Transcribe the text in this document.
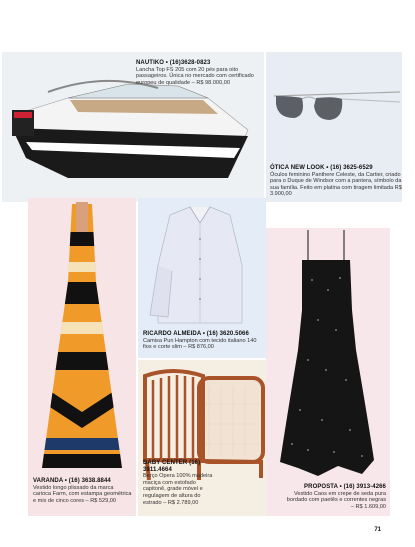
NAUTIKO • (16)3628-0823
Lancha Top FS 205 com 20 pés para oito passageiros. Única no mercado com certificado europeu de qualidade – R$ 98.000,00
ÓTICA NEW LOOK • (16) 3625-6529
Óculos feminino Panthere Celeste, da Cartier, criado para o Duque de Windsor com a pantera, símbolo da sua família. Feito em platina com tiragem limitada R$ 3.900,00
VARANDA • (16) 3638.8844
Vestido longo plissado da marca carioca Farm, com estampa geométrica e mix de cinco cores – R$ 529,00
RICARDO ALMEIDA • (16) 3620.5066
Camisa Pun Hampton com tecido italiano 140 fios e corte slim – R$ 876,00
BABY CENTER (16) 3911.4664
Berço Opera 100% madeira maciça com estofado capitonê, grade móvel e regulagem de altura do estrado – R$ 2.789,00
PROPOSTA • (16) 3913-4266
Vestido Caos em crepe de seda pura bordado com paetês e correntes negras – R$ 1.609,00
71
